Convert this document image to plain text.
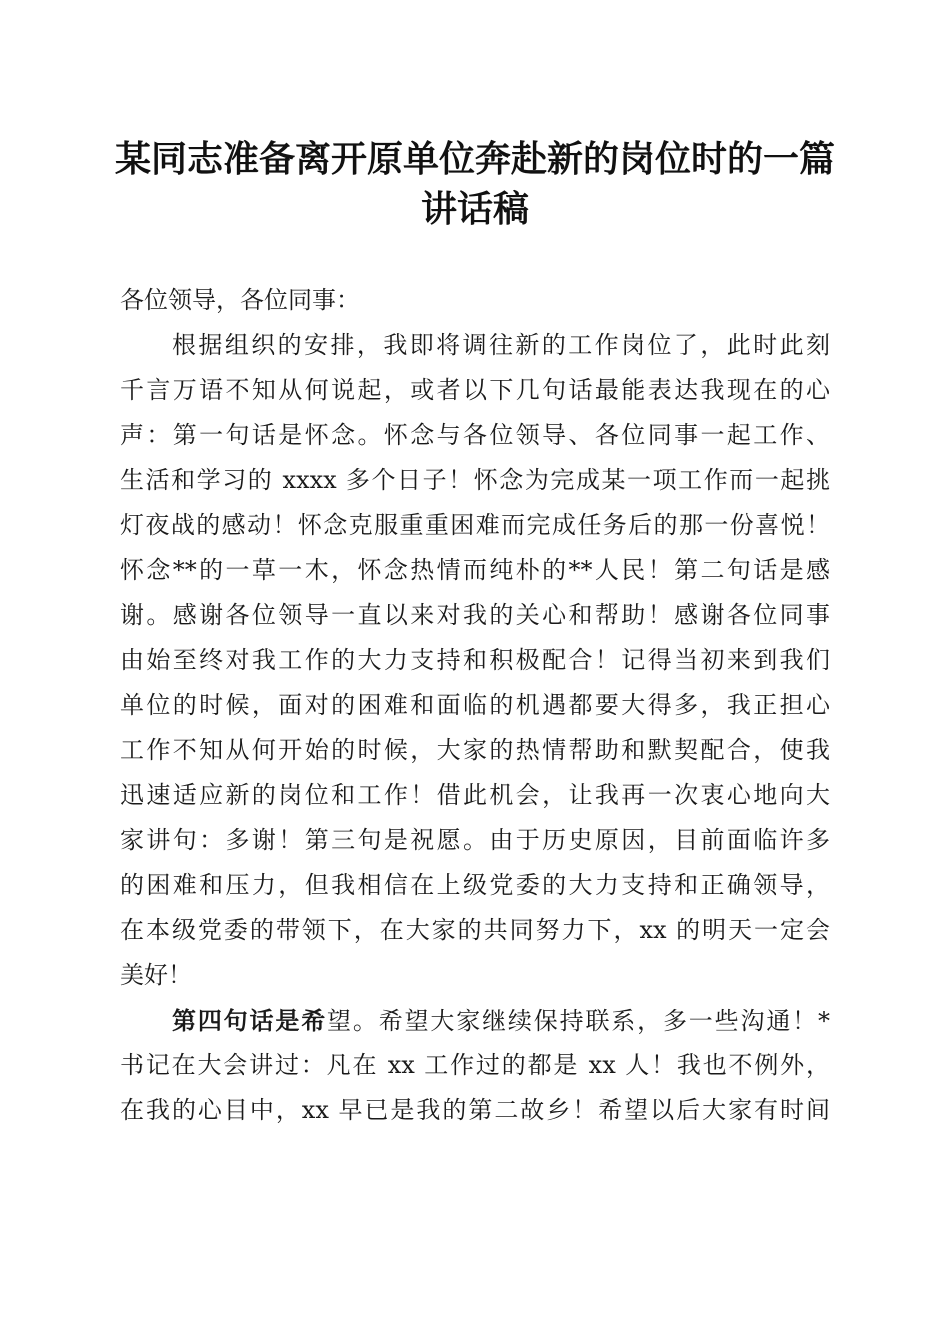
某同志准备离开原单位奔赴新的岗位时的一篇
讲话稿
各位领导，各位同事：
根据组织的安排，我即将调往新的工作岗位了，此时此刻
千言万语不知从何说起，或者以下几句话最能表达我现在的心
声：第一句话是怀念。怀念与各位领导、各位同事一起工作、
生活和学习的 xxxx 多个日子！怀念为完成某一项工作而一起挑
灯夜战的感动！怀念克服重重困难而完成任务后的那一份喜悦！
怀念**的一草一木，怀念热情而纯朴的**人民！第二句话是感
谢。感谢各位领导一直以来对我的关心和帮助！感谢各位同事
由始至终对我工作的大力支持和积极配合！记得当初来到我们
单位的时候，面对的困难和面临的机遇都要大得多，我正担心
工作不知从何开始的时候，大家的热情帮助和默契配合，使我
迅速适应新的岗位和工作！借此机会，让我再一次衷心地向大
家讲句：多谢！第三句是祝愿。由于历史原因，目前面临许多
的困难和压力，但我相信在上级党委的大力支持和正确领导，
在本级党委的带领下，在大家的共同努力下，xx 的明天一定会
美好！
第四句话是希望。希望大家继续保持联系，多一些沟通！*
书记在大会讲过：凡在 xx 工作过的都是 xx 人！我也不例外，
在我的心目中，xx 早已是我的第二故乡！希望以后大家有时间
